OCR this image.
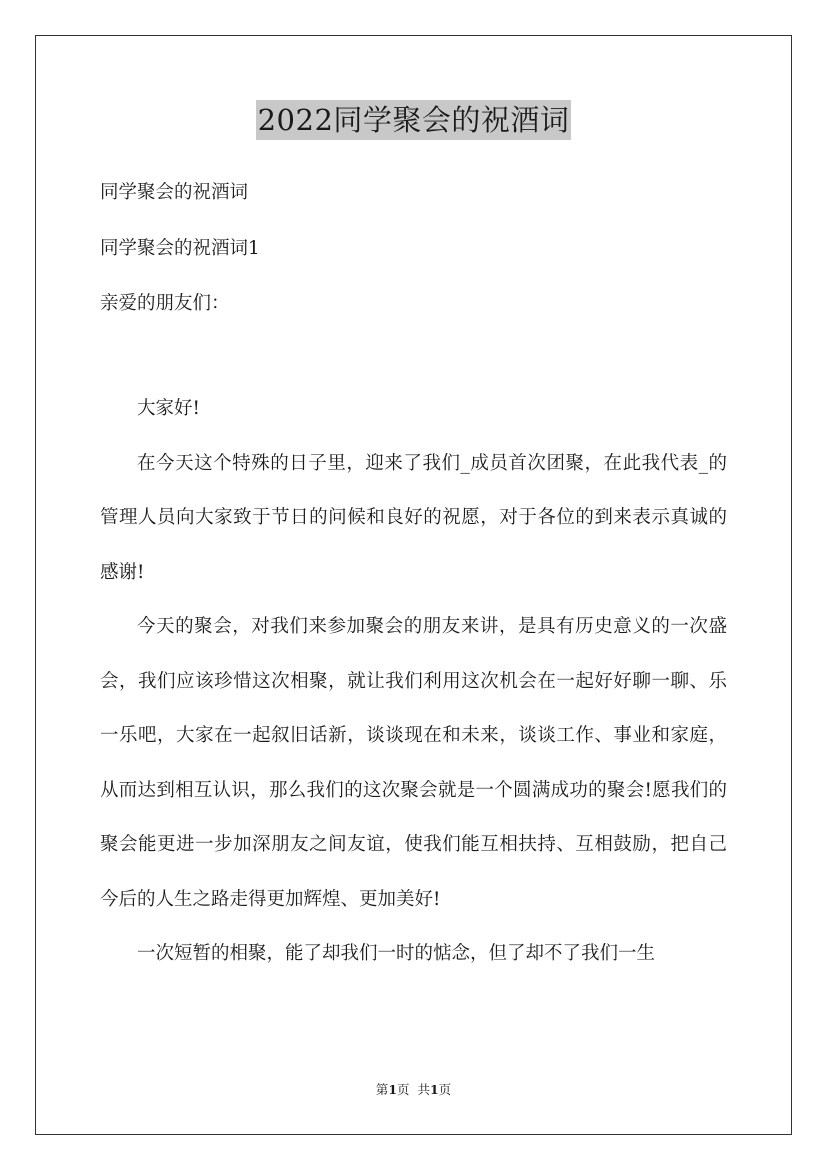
2022同学聚会的祝酒词
同学聚会的祝酒词
同学聚会的祝酒词1
亲爱的朋友们：

大家好!

在今天这个特殊的日子里，迎来了我们_成员首次团聚，在此我代表_的管理人员向大家致于节日的问候和良好的祝愿，对于各位的到来表示真诚的感谢!

今天的聚会，对我们来参加聚会的朋友来讲，是具有历史意义的一次盛会，我们应该珍惜这次相聚，就让我们利用这次机会在一起好好聊一聊、乐一乐吧，大家在一起叙旧话新，谈谈现在和未来，谈谈工作、事业和家庭，从而达到相互认识，那么我们的这次聚会就是一个圆满成功的聚会!愿我们的聚会能更进一步加深朋友之间友谊，使我们能互相扶持、互相鼓励，把自己今后的人生之路走得更加辉煌、更加美好!

一次短暂的相聚，能了却我们一时的惦念，但了却不了我们一生

第1页  共1页
